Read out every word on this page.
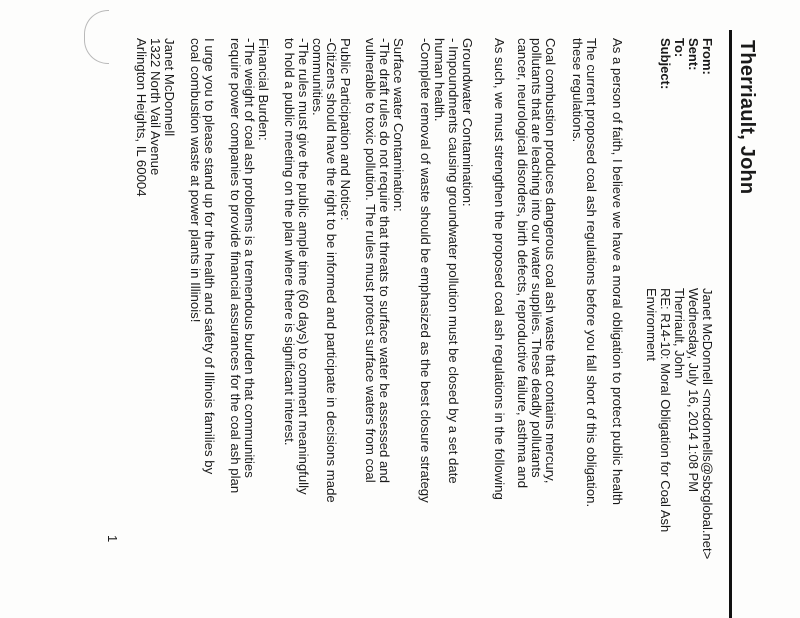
Therriault, John
From:
Janet McDonnell <mcdonnells@sbcglobal.net>
Sent:
Wednesday, July 16, 2014 1:08 PM
To:
Therriault, John
Subject:
RE: R14-10: Moral Obligation for Coal Ash
Environment
As a person of faith, I believe we have a moral obligation to protect public health
The current proposed coal ash regulations before you fall short of this obligation.
these regulations.
Coal combustion produces dangerous coal ash waste that contains mercury,
pollutants that are leaching into our water supplies. These deadly pollutants
cancer, neurological disorders, birth defects, reproductive failure, asthma and
As such, we must strengthen the proposed coal ash regulations in the following
Groundwater Contamination:
- Impoundments causing groundwater pollution must be closed by a set date
human health.
-Complete removal of waste should be emphasized as the best closure strategy
Surface water Contamination:
-The draft rules do not require that threats to surface water be assessed and
vulnerable to toxic pollution. The rules must protect surface waters from coal
Public Participation and Notice:
-Citizens should have the right to be informed and participate in decisions made
communities.
-The rules must give the public ample time (60 days) to comment meaningfully
to hold a public meeting on the plan where there is significant interest.
Financial Burden:
-The weight of coal ash problems is a tremendous burden that communities
require power companies to provide financial assurances for the coal ash plan
I urge you to please stand up for the health and safety of Illinois families by
coal combustion waste at power plants in Illinois!
Janet McDonnell
1322 North Vail Avenue
Arlington Heights, IL 60004
1
